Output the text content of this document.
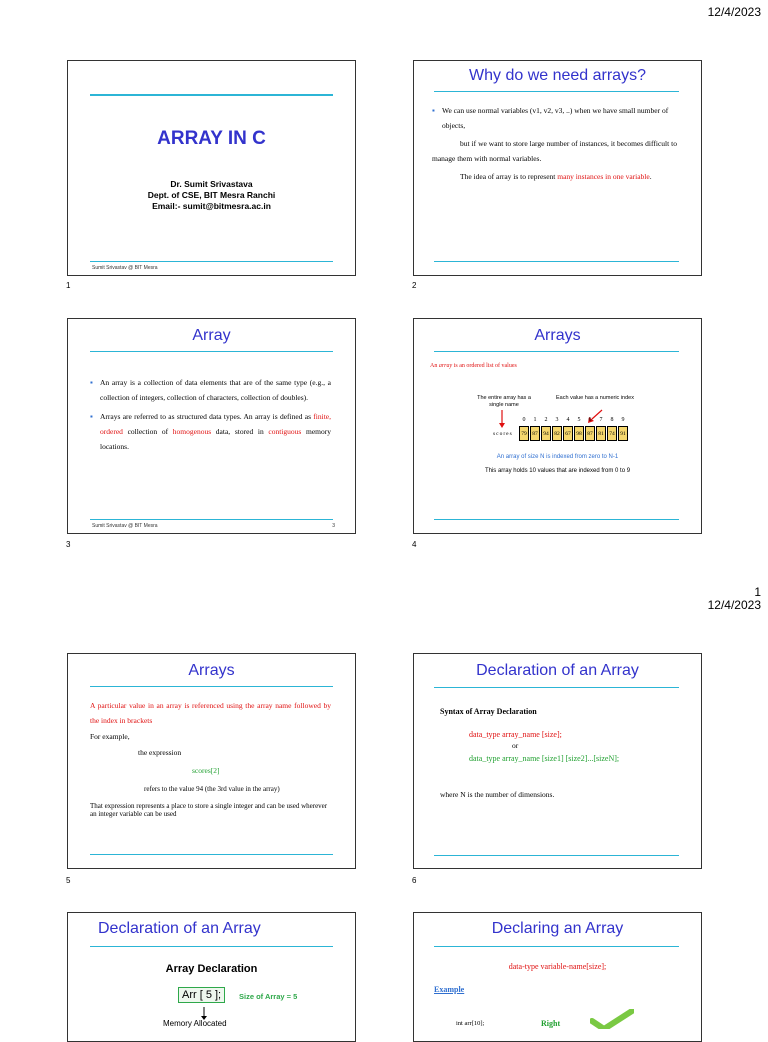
12/4/2023
1
12/4/2023
1	2
3	4
5	6
ARRAY IN C
Dr. Sumit Srivastava
Dept. of CSE, BIT Mesra Ranchi
Email:- sumit@bitmesra.ac.in
Sumit Srivastav @ BIT Mesra
Why do we need arrays?
▪ We can use normal variables (v1, v2, v3, ..) when we have small number of objects,
but if we want to store large number of instances, it becomes difficult to manage them with normal variables.
The idea of array is to represent many instances in one variable.
Array
▪ An array is a collection of data elements that are of the same type (e.g., a collection of integers, collection of characters, collection of doubles).
▪ Arrays are referred to as structured data types. An array is defined as finite, ordered collection of homogenous data, stored in contiguous memory locations.
Sumit Srivastav @ BIT Mesra	3
Arrays
An array is an ordered list of values
The entire array has a single name
Each value has a numeric index
0	1	2	3	4	5	6	7	8	9
scores	79	87	94	82	67	98	87	81	74	91
An array of size N is indexed from zero to N-1
This array holds 10 values that are indexed from 0 to 9
Arrays
A particular value in an array is referenced using the array name followed by the index in brackets
For example,
the expression
scores[2]
refers to the value 94 (the 3rd value in the array)
That expression represents a place to store a single integer and can be used wherever an integer variable can be used
Declaration of an Array
Syntax of Array Declaration
data_type array_name [size];
or
data_type array_name [size1] [size2]...[sizeN];
where N is the number of dimensions.
Declaration of an Array
Array Declaration
Arr [ 5 ];	Size of Array = 5
Memory Allocated
Declaring an Array
data-type variable-name[size];
Example
int arr[10];	Right
